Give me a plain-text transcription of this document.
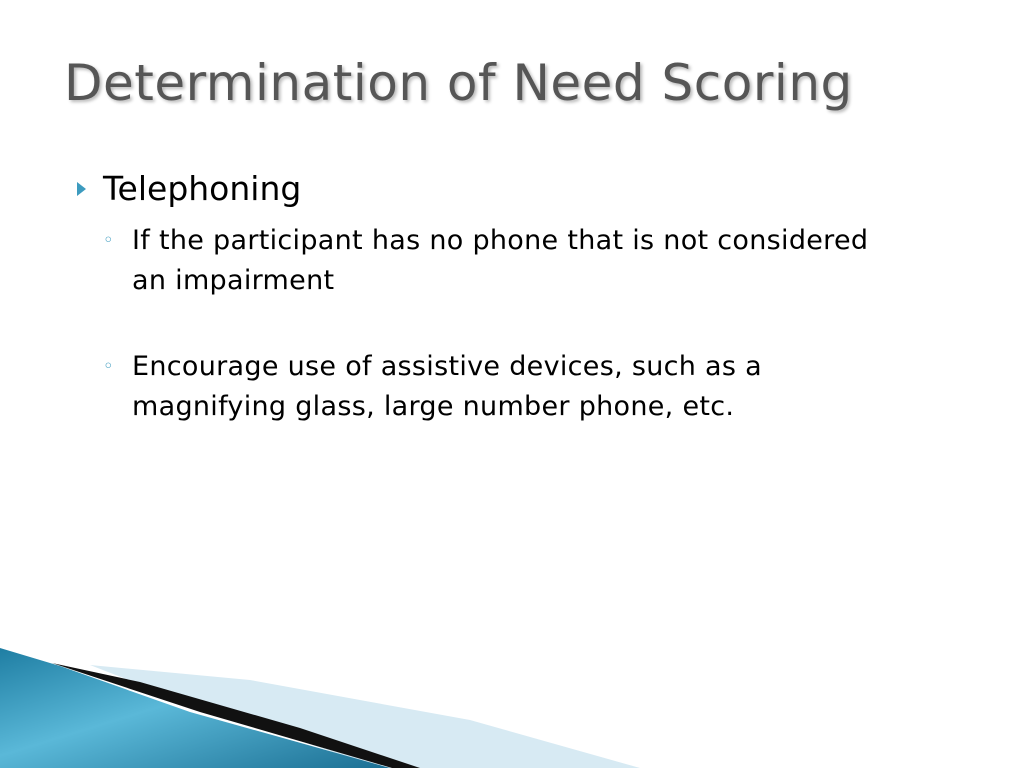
Determination of Need Scoring
Telephoning
◦ If the participant has no phone that is not considered an impairment
◦ Encourage use of assistive devices, such as a magnifying glass, large number phone, etc.
